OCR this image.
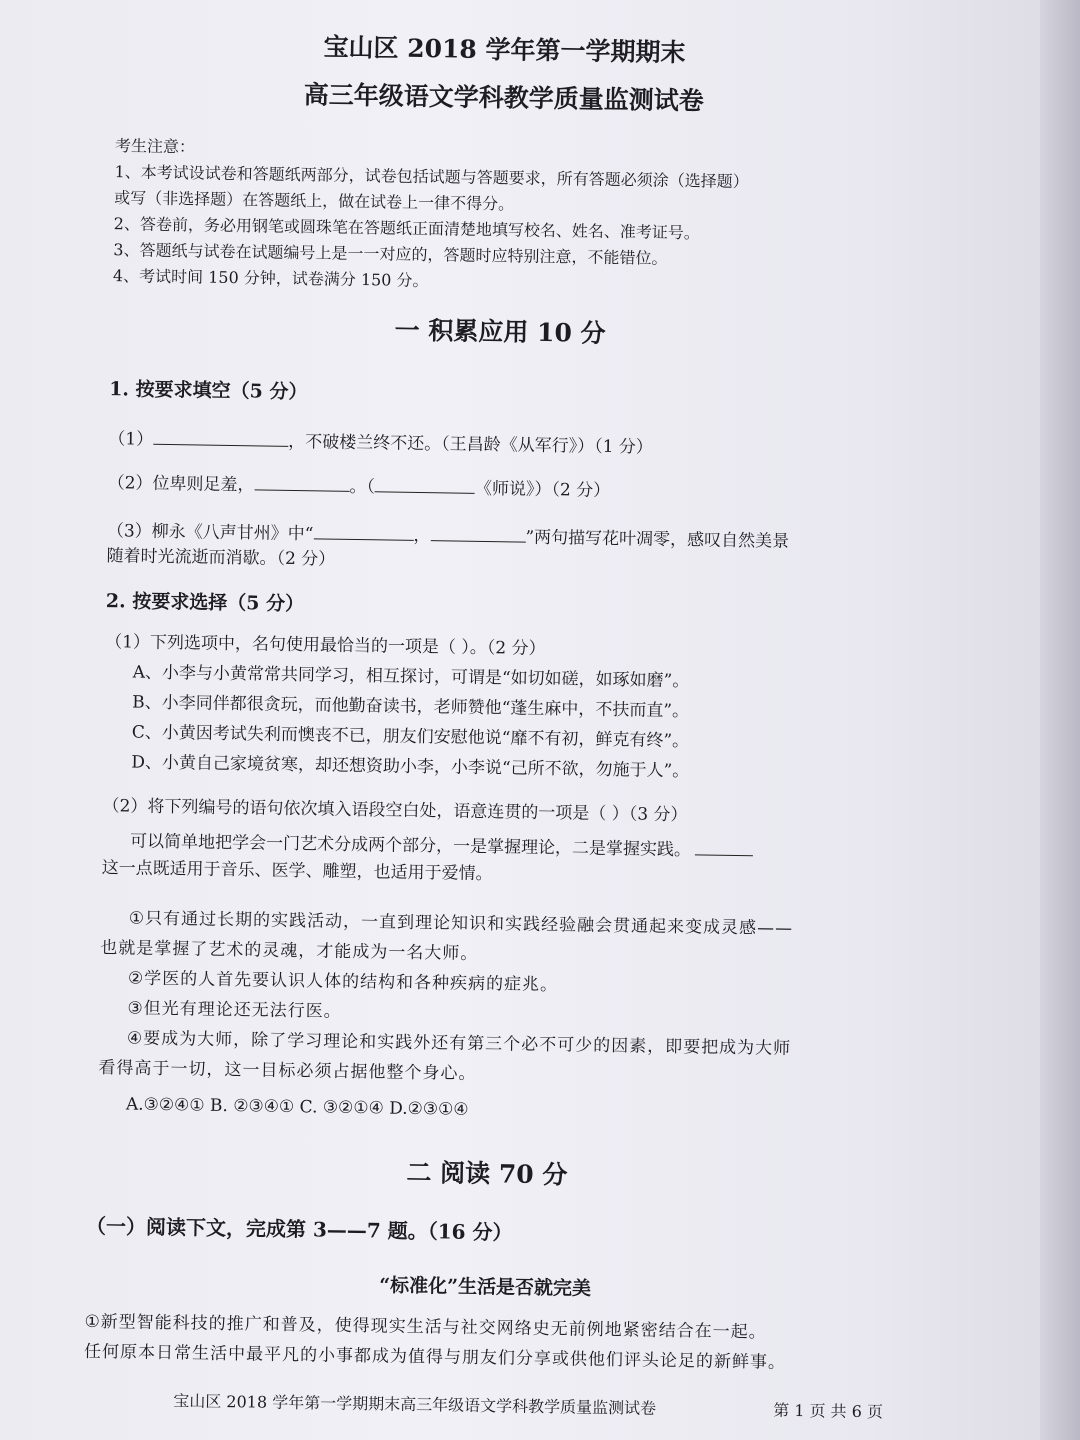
宝山区 2018 学年第一学期期末
高三年级语文学科教学质量监测试卷
考生注意：
1、本考试设试卷和答题纸两部分，试卷包括试题与答题要求，所有答题必须涂（选择题）
或写（非选择题）在答题纸上，做在试卷上一律不得分。
2、答卷前，务必用钢笔或圆珠笔在答题纸正面清楚地填写校名、姓名、准考证号。
3、答题纸与试卷在试题编号上是一一对应的，答题时应特别注意，不能错位。
4、考试时间 150 分钟，试卷满分 150 分。
一 积累应用 10 分
1. 按要求填空（5 分）
（1）	，不破楼兰终不还。（王昌龄《从军行》）（1 分）
（2）位卑则足羞，	。（	《师说》）（2 分）
（3）柳永《八声甘州》中“	，	”两句描写花叶凋零，感叹自然美景
随着时光流逝而消歇。（2 分）
2. 按要求选择（5 分）
（1）下列选项中，名句使用最恰当的一项是（ ）。（2 分）
A、小李与小黄常常共同学习，相互探讨，可谓是“如切如磋，如琢如磨”。
B、小李同伴都很贪玩，而他勤奋读书，老师赞他“蓬生麻中，不扶而直”。
C、小黄因考试失利而懊丧不已，朋友们安慰他说“靡不有初，鲜克有终”。
D、小黄自己家境贫寒，却还想资助小李，小李说“己所不欲，勿施于人”。
（2）将下列编号的语句依次填入语段空白处，语意连贯的一项是（ ）（3 分）
可以简单地把学会一门艺术分成两个部分，一是掌握理论，二是掌握实践。
这一点既适用于音乐、医学、雕塑，也适用于爱情。
①只有通过长期的实践活动，一直到理论知识和实践经验融会贯通起来变成灵感——
也就是掌握了艺术的灵魂，才能成为一名大师。
②学医的人首先要认识人体的结构和各种疾病的症兆。
③但光有理论还无法行医。
④要成为大师，除了学习理论和实践外还有第三个必不可少的因素，即要把成为大师
看得高于一切，这一目标必须占据他整个身心。
A.③②④① B. ②③④① C. ③②①④ D.②③①④
二 阅读 70 分
（一）阅读下文，完成第 3——7 题。（16 分）
“标准化”生活是否就完美
①新型智能科技的推广和普及，使得现实生活与社交网络史无前例地紧密结合在一起。
任何原本日常生活中最平凡的小事都成为值得与朋友们分享或供他们评头论足的新鲜事。
宝山区 2018 学年第一学期期末高三年级语文学科教学质量监测试卷	第 1 页 共 6 页
